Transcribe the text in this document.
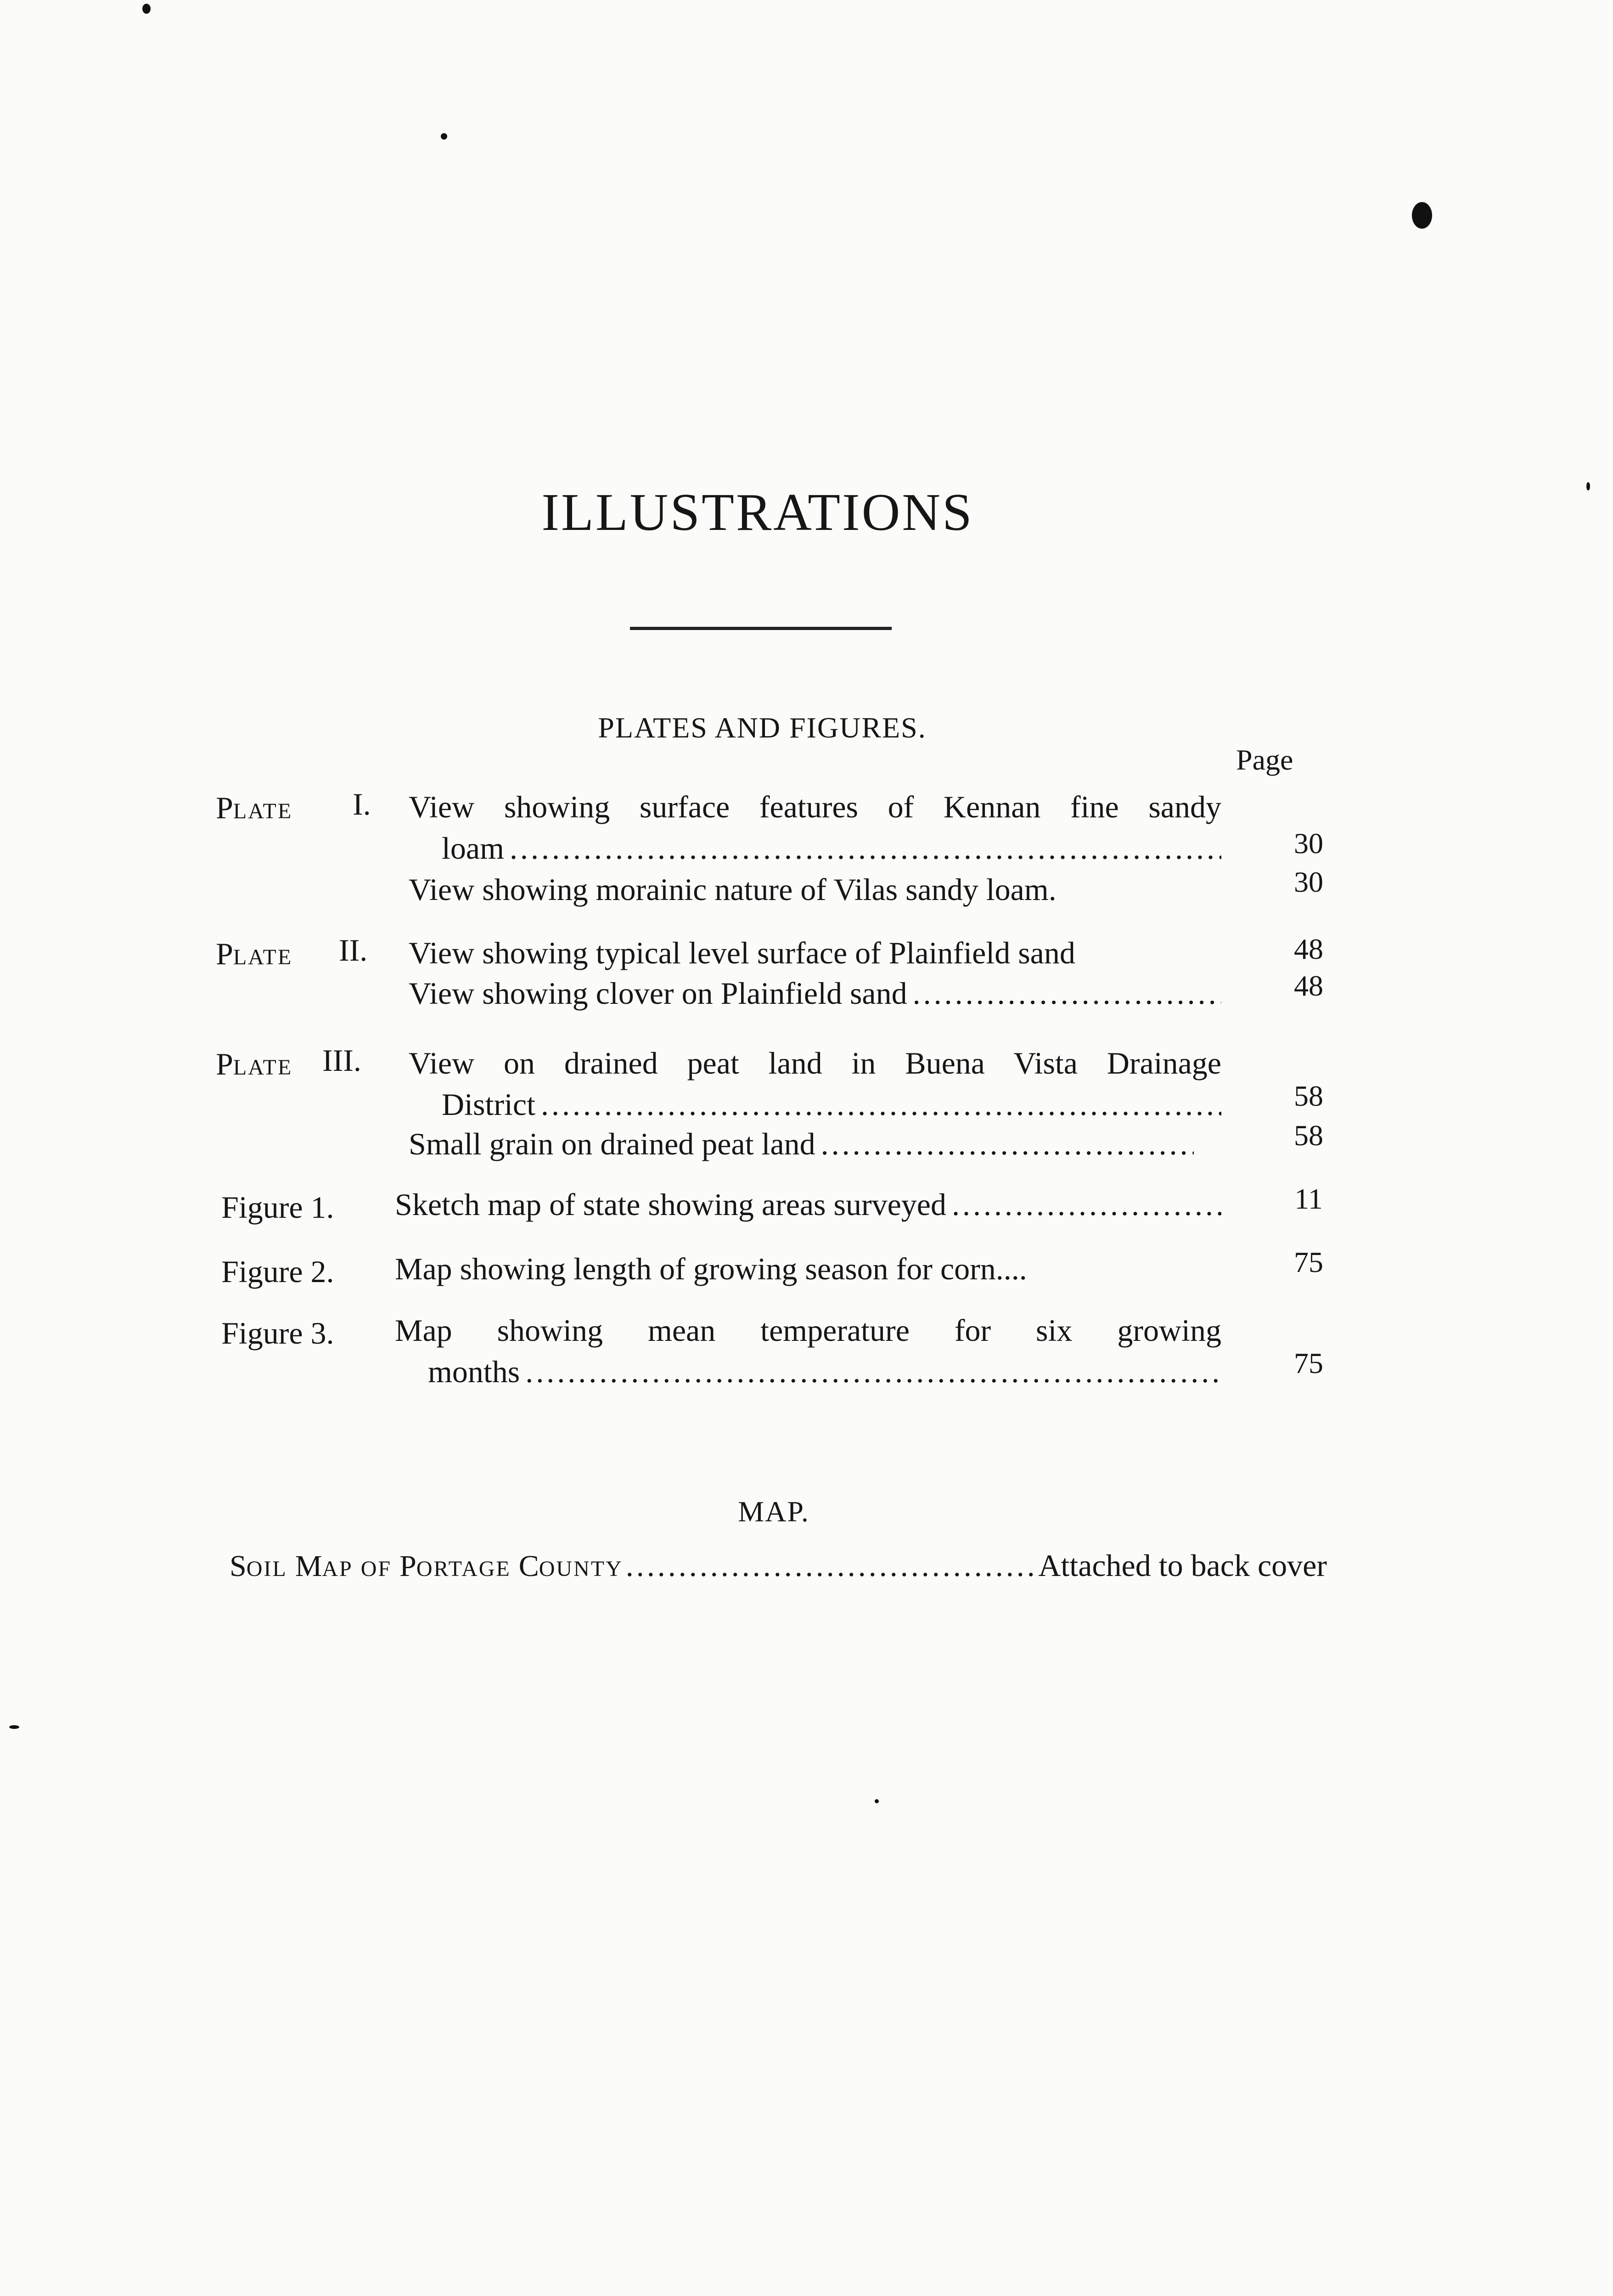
ILLUSTRATIONS
PLATES AND FIGURES.
Page
PLATE I. View showing surface features of Kennan fine sandy
loam .....	30
View showing morainic nature of Vilas sandy loam.	30
PLATE II. View showing typical level surface of Plainfield sand	48
View showing clover on Plainfield sand .....	48
PLATE III. View on drained peat land in Buena Vista Drainage
District .....	58
Small grain on drained peat land .....	58
Figure 1. Sketch map of state showing areas surveyed .....	11
Figure 2. Map showing length of growing season for corn....	75
Figure 3. Map showing mean temperature for six growing
months .....	75
MAP.
SOIL MAP OF PORTAGE COUNTY .....	Attached to back cover
